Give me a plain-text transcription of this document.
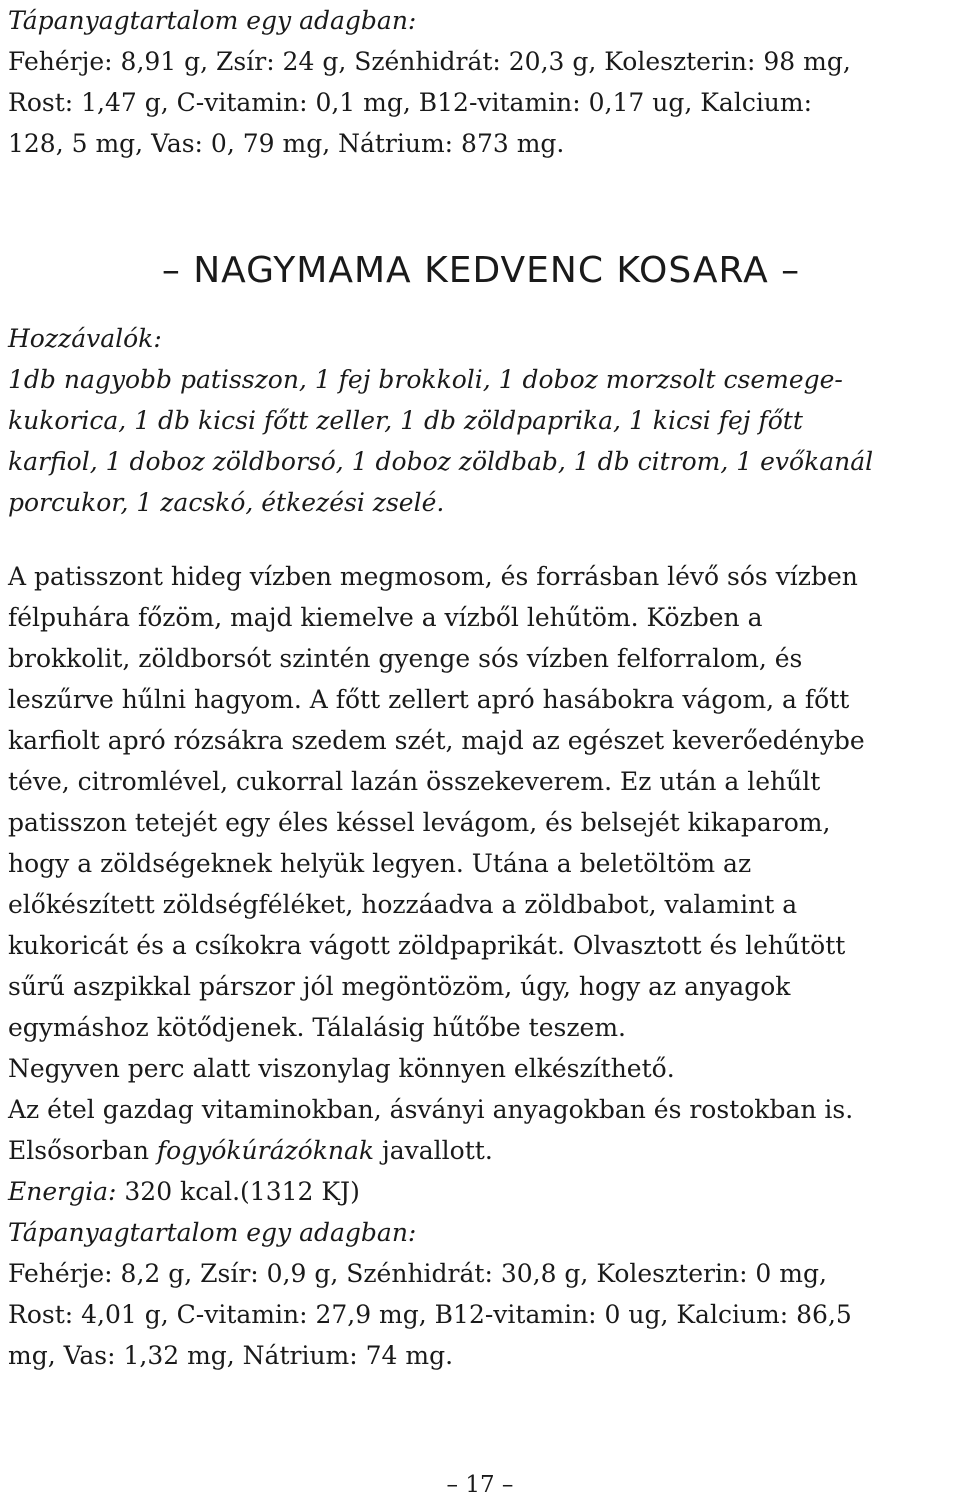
Tápanyagtartalom egy adagban:

Fehérje: 8,91 g, Zsír: 24 g, Szénhidrát: 20,3 g, Koleszterin: 98 mg,
Rost: 1,47 g, C-vitamin: 0,1 mg, B12-vitamin: 0,17 ug, Kalcium:
128, 5 mg, Vas: 0, 79 mg, Nátrium: 873 mg.

– NAGYMAMA KEDVENC KOSARA –

Hozzávalók:

1db nagyobb patisszon, 1 fej brokkoli, 1 doboz morzsolt csemege-
kukorica, 1 db kicsi főtt zeller, 1 db zöldpaprika, 1 kicsi fej főtt
karfiol, 1 doboz zöldborsó, 1 doboz zöldbab, 1 db citrom, 1 evőkanál
porcukor, 1 zacskó, étkezési zselé.

A patisszont hideg vízben megmosom, és forrásban lévő sós vízben
félpuhára főzöm, majd kiemelve a vízből lehűtöm. Közben a
brokkolit, zöldborsót szintén gyenge sós vízben felforralom, és
leszűrve hűlni hagyom. A főtt zellert apró hasábokra vágom, a főtt
karfiolt apró rózsákra szedem szét, majd az egészet keverőedénybe
téve, citromlével, cukorral lazán összekeverem. Ez után a lehűlt
patisszon tetejét egy éles késsel levágom, és belsejét kikaparom,
hogy a zöldségeknek helyük legyen. Utána a beletöltöm az
előkészített zöldségféléket, hozzáadva a zöldbabot, valamint a
kukoricát és a csíkokra vágott zöldpaprikát. Olvasztott és lehűtött
sűrű aszpikkal párszor jól megöntözöm, úgy, hogy az anyagok
egymáshoz kötődjenek. Tálalásig hűtőbe teszem.

Negyven perc alatt viszonylag könnyen elkészíthető.

Az étel gazdag vitaminokban, ásványi anyagokban és rostokban is.

Elsősorban fogyókúrázóknak javallott.

Energia: 320 kcal.(1312 KJ)

Tápanyagtartalom egy adagban:

Fehérje: 8,2 g, Zsír: 0,9 g, Szénhidrát: 30,8 g, Koleszterin: 0 mg,
Rost: 4,01 g, C-vitamin: 27,9 mg, B12-vitamin: 0 ug, Kalcium: 86,5
mg, Vas: 1,32 mg, Nátrium: 74 mg.

– 17 –
